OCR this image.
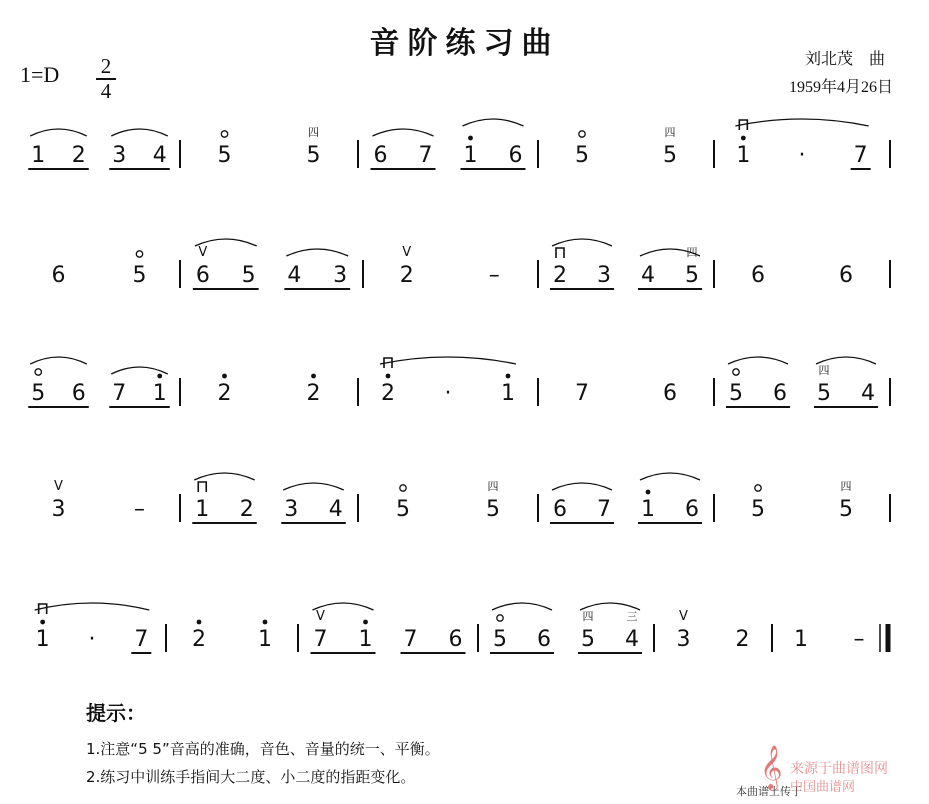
音阶练习曲
1=D 2
4
刘北茂　曲
1959年4月26日
1 2 3 4 5	5
四
6 7 1 6 5	5
四
1 · 7
6	5 6
V
5 4 3 2
V
– 2 3 4 5
四
6	6
5 6 7 1 2	2	2 · 1	7	6 5 6 5
四
4
3
V
– 1 2 3 4 5	5
四
6 7 1 6 5	5
四
1 · 7 2 1 7
V
1 7 6 5 6 5
四
4
三
3
V
2 1 –
提示：
1.注意“5 5”音高的准确，音色、音量的统一、平衡。
2.练习中训练手指间大二度、小二度的指距变化。	𝄞
本曲谱上传于
来源于曲谱图网
中国曲谱网
